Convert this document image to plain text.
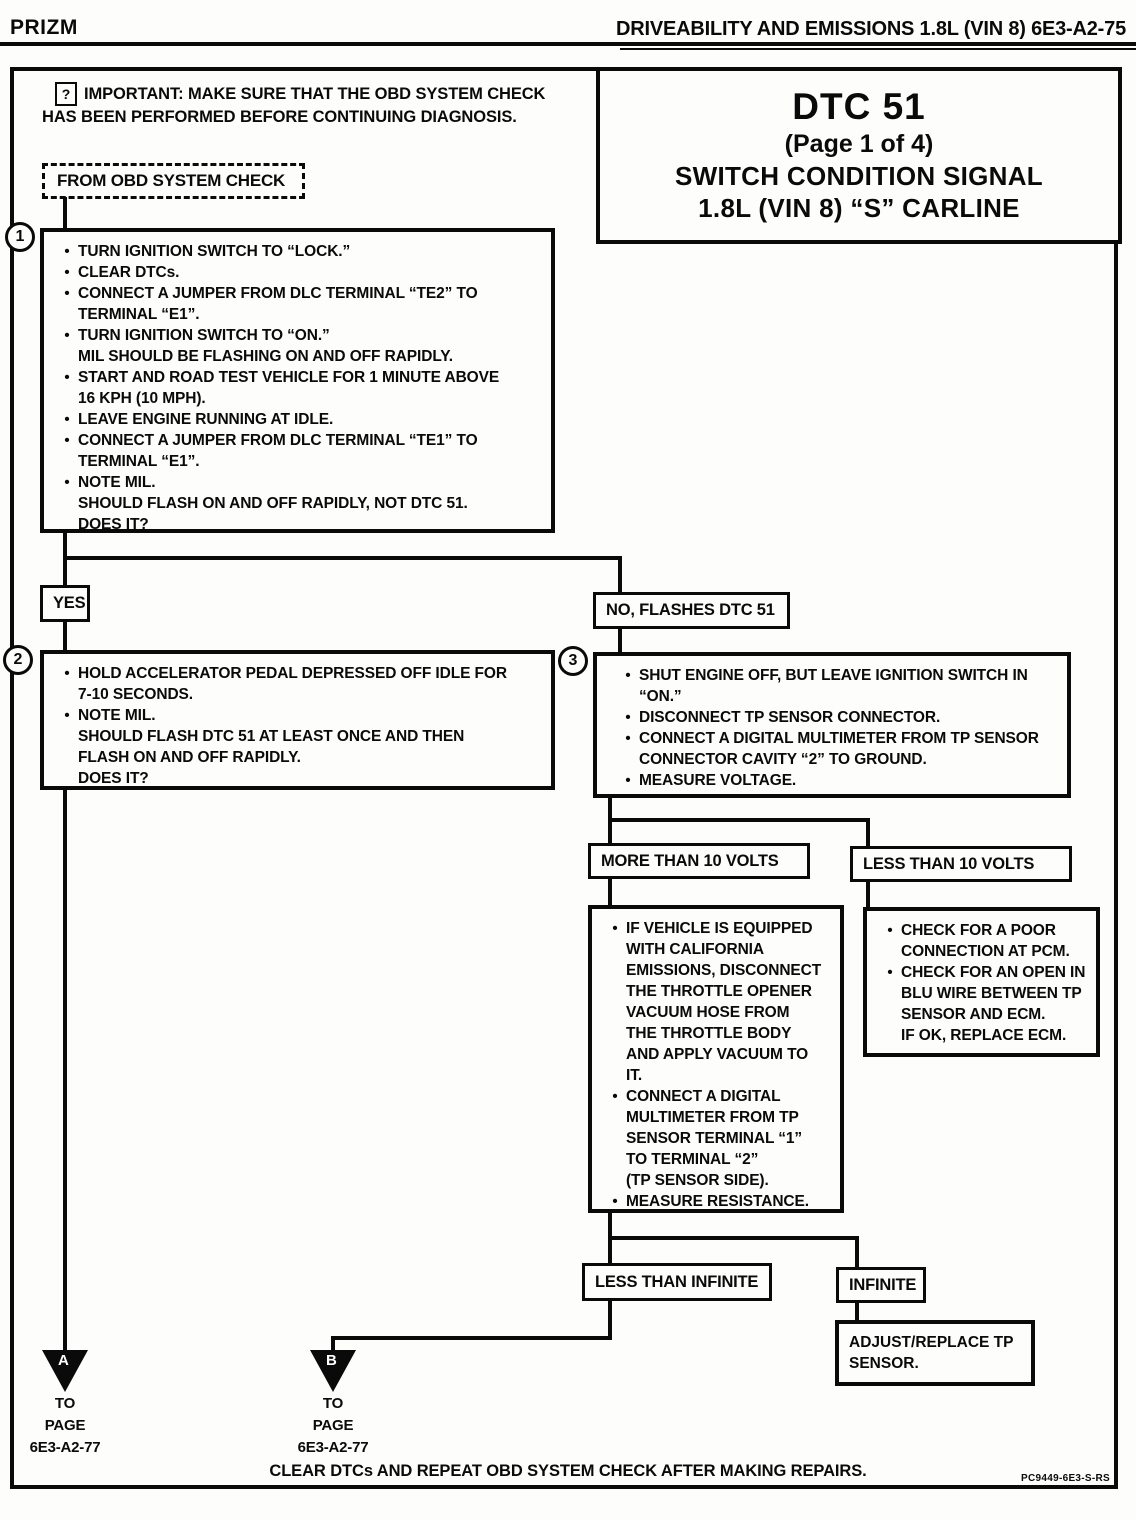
PRIZM	DRIVEABILITY AND EMISSIONS 1.8L (VIN 8) 6E3-A2-75
? IMPORTANT: MAKE SURE THAT THE OBD SYSTEM CHECK
HAS BEEN PERFORMED BEFORE CONTINUING DIAGNOSIS.	DTC 51
(Page 1 of 4)
SWITCH CONDITION SIGNAL
1.8L (VIN 8) “S” CARLINE
FROM OBD SYSTEM CHECK
1
• TURN IGNITION SWITCH TO “LOCK.”
• CLEAR DTCs.
• CONNECT A JUMPER FROM DLC TERMINAL “TE2” TO
TERMINAL “E1”.
• TURN IGNITION SWITCH TO “ON.”
MIL SHOULD BE FLASHING ON AND OFF RAPIDLY.
• START AND ROAD TEST VEHICLE FOR 1 MINUTE ABOVE
16 KPH (10 MPH).
• LEAVE ENGINE RUNNING AT IDLE.
• CONNECT A JUMPER FROM DLC TERMINAL “TE1” TO
TERMINAL “E1”.
• NOTE MIL.
SHOULD FLASH ON AND OFF RAPIDLY, NOT DTC 51.
DOES IT?
YES	NO, FLASHES DTC 51
2
• HOLD ACCELERATOR PEDAL DEPRESSED OFF IDLE FOR
7-10 SECONDS.
• NOTE MIL.
SHOULD FLASH DTC 51 AT LEAST ONCE AND THEN
FLASH ON AND OFF RAPIDLY.
DOES IT?
3
• SHUT ENGINE OFF, BUT LEAVE IGNITION SWITCH IN
“ON.”
• DISCONNECT TP SENSOR CONNECTOR.
• CONNECT A DIGITAL MULTIMETER FROM TP SENSOR
CONNECTOR CAVITY “2” TO GROUND.
• MEASURE VOLTAGE.
MORE THAN 10 VOLTS	LESS THAN 10 VOLTS
• IF VEHICLE IS EQUIPPED
WITH CALIFORNIA
EMISSIONS, DISCONNECT
THE THROTTLE OPENER
VACUUM HOSE FROM
THE THROTTLE BODY
AND APPLY VACUUM TO
IT.
• CONNECT A DIGITAL
MULTIMETER FROM TP
SENSOR TERMINAL “1”
TO TERMINAL “2”
(TP SENSOR SIDE).
• MEASURE RESISTANCE.
• CHECK FOR A POOR
CONNECTION AT PCM.
• CHECK FOR AN OPEN IN
BLU WIRE BETWEEN TP
SENSOR AND ECM.
IF OK, REPLACE ECM.
LESS THAN INFINITE	INFINITE
ADJUST/REPLACE TP SENSOR.
A
TO
PAGE
6E3-A2-77
B
TO
PAGE
6E3-A2-77
CLEAR DTCs AND REPEAT OBD SYSTEM CHECK AFTER MAKING REPAIRS.	PC9449-6E3-S-RS
